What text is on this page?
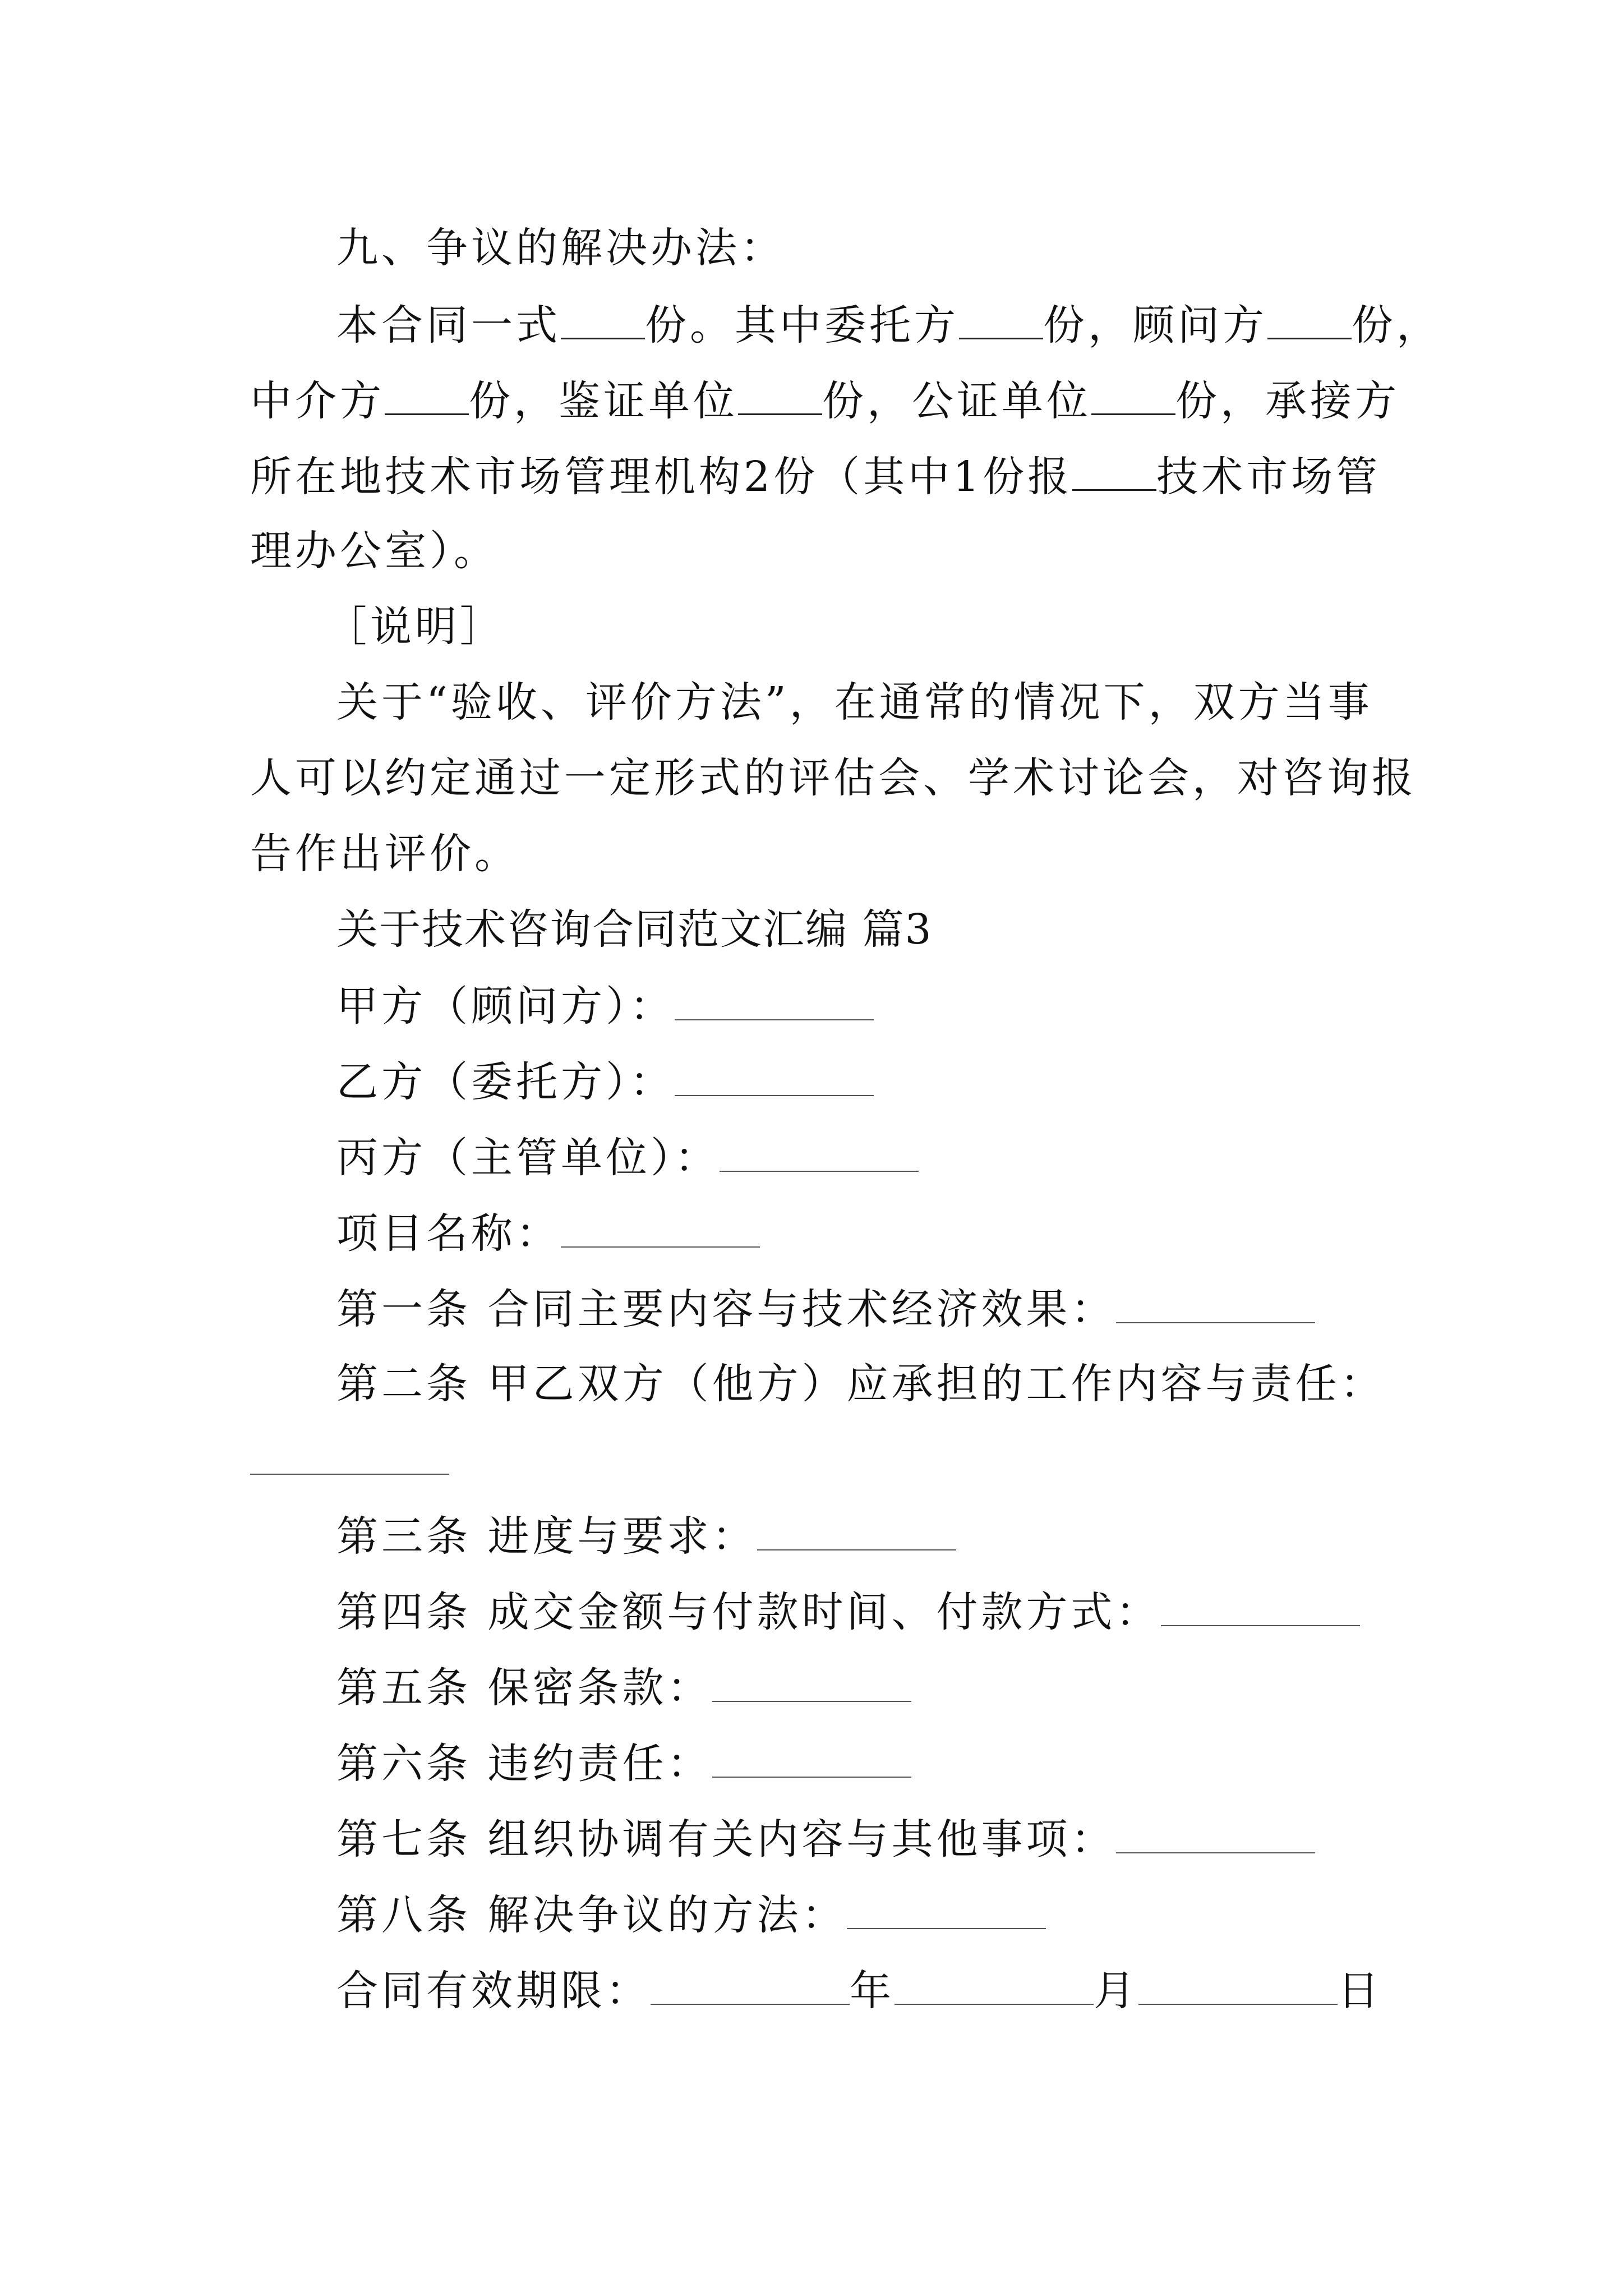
九、争议的解决办法：
本合同一式 份。其中委托方 份，顾问方 份，
中介方 份，鉴证单位 份，公证单位 份，承接方
所在地技术市场管理机构2份（其中1份报 技术市场管
理办公室）。
［说明］
关于“验收、评价方法”，在通常的情况下，双方当事
人可以约定通过一定形式的评估会、学术讨论会，对咨询报
告作出评价。
关于技术咨询合同范文汇编 篇3
甲方（顾问方）：
乙方（委托方）：
丙方（主管单位）：
项目名称：
第一条 合同主要内容与技术经济效果：
第二条 甲乙双方（他方）应承担的工作内容与责任：
第三条 进度与要求：
第四条 成交金额与付款时间、付款方式：
第五条 保密条款：
第六条 违约责任：
第七条 组织协调有关内容与其他事项：
第八条 解决争议的方法：
合同有效期限：	年	月	日
